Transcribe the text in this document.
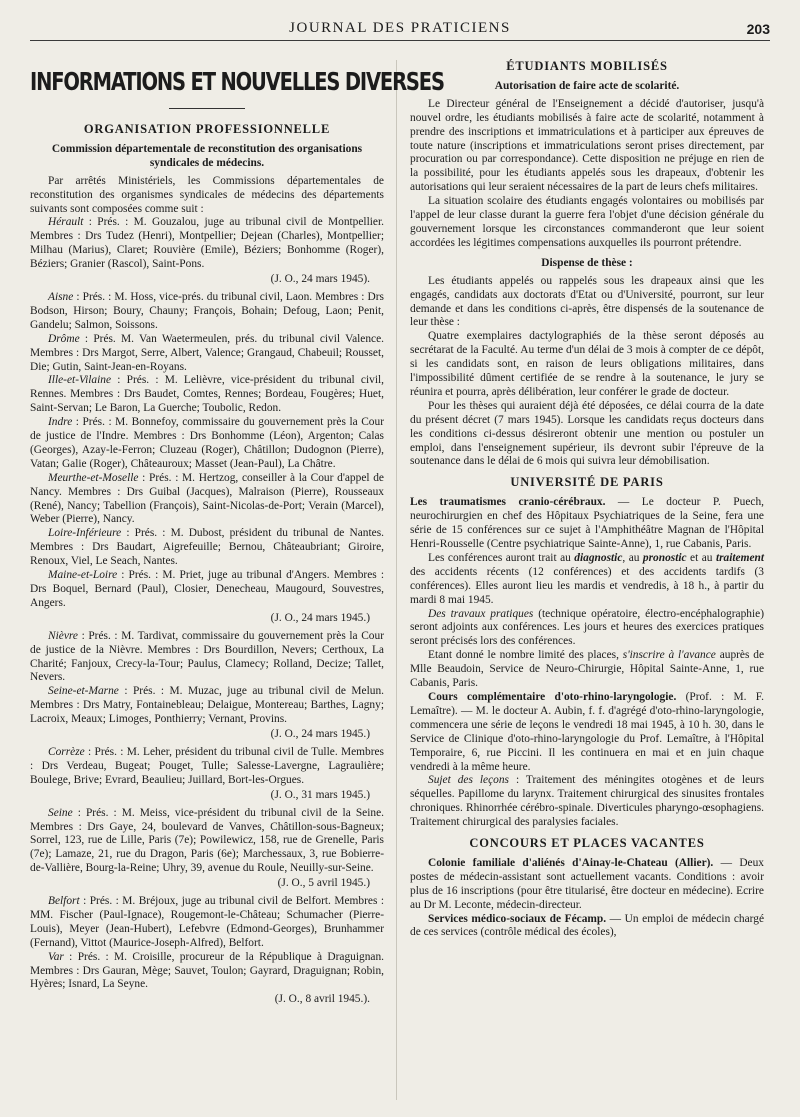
JOURNAL DES PRATICIENS	203
INFORMATIONS ET NOUVELLES DIVERSES
ORGANISATION PROFESSIONNELLE
Commission départementale de reconstitution des organisations syndicales de médecins.

Par arrêtés Ministériels, les Commissions départementales de reconstitution des organismes syndicales de médecins des départements suivants sont composées comme suit :

Hérault : Prés. : M. Gouzalou, juge au tribunal civil de Montpellier. Membres : Drs Tudez (Henri), Montpellier; Dejean (Charles), Montpellier; Milhau (Marius), Claret; Rouvière (Emile), Béziers; Bonhomme (Roger), Béziers; Granier (Rascol), Saint-Pons.

(J. O., 24 mars 1945).

Aisne : Prés. : M. Hoss, vice-prés. du tribunal civil, Laon. Membres : Drs Bodson, Hirson; Boury, Chauny; François, Bohain; Defoug, Laon; Penit, Gandelu; Salmon, Soissons.

Drôme : Prés. M. Van Waetermeulen, prés. du tribunal civil Valence. Membres : Drs Margot, Serre, Albert, Valence; Grangaud, Chabeuil; Rousset, Die; Gutin, Saint-Jean-en-Royans.

Ille-et-Vilaine : Prés. : M. Lelièvre, vice-président du tribunal civil, Rennes. Membres : Drs Baudet, Comtes, Rennes; Bordeau, Fougères; Huet, Saint-Servan; Le Baron, La Guerche; Toubolic, Redon.

Indre : Prés. : M. Bonnefoy, commissaire du gouvernement près la Cour de justice de l'Indre. Membres : Drs Bonhomme (Léon), Argenton; Calas (Georges), Azay-le-Ferron; Cluzeau (Roger), Châtillon; Dudognon (Pierre), Vatan; Galie (Roger), Châteauroux; Masset (Jean-Paul), La Châtre.

Meurthe-et-Moselle : Prés. : M. Hertzog, conseiller à la Cour d'appel de Nancy. Membres : Drs Guibal (Jacques), Malraison (Pierre), Rousseaux (René), Nancy; Tabellion (François), Saint-Nicolas-de-Port; Verain (Marcel), Weber (Pierre), Nancy.

Loire-Inférieure : Prés. : M. Dubost, président du tribunal de Nantes. Membres : Drs Baudart, Aigrefeuille; Bernou, Châteaubriant; Giroire, Renoux, Viel, Le Seach, Nantes.

Maine-et-Loire : Prés. : M. Priet, juge au tribunal d'Angers. Membres : Drs Boquel, Bernard (Paul), Closier, Denecheau, Maugourd, Souvestres, Angers.

(J. O., 24 mars 1945.)

Nièvre : Prés. : M. Tardivat, commissaire du gouvernement près la Cour de justice de la Nièvre. Membres : Drs Bourdillon, Nevers; Certhoux, La Charité; Fanjoux, Crecy-la-Tour; Paulus, Clamecy; Rolland, Decize; Tallet, Nevers.

Seine-et-Marne : Prés. : M. Muzac, juge au tribunal civil de Melun. Membres : Drs Matry, Fontainebleau; Delaigue, Montereau; Barthes, Lagny; Lacroix, Meaux; Limoges, Ponthierry; Vernant, Provins.

(J. O., 24 mars 1945.)

Corrèze : Prés. : M. Leher, président du tribunal civil de Tulle. Membres : Drs Verdeau, Bugeat; Pouget, Tulle; Salesse-Lavergne, Lagraulière; Boulege, Brive; Evrard, Beaulieu; Juillard, Bort-les-Orgues.

(J. O., 31 mars 1945.)

Seine : Prés. : M. Meiss, vice-président du tribunal civil de la Seine. Membres : Drs Gaye, 24, boulevard de Vanves, Châtillon-sous-Bagneux; Sorrel, 123, rue de Lille, Paris (7e); Powilewicz, 158, rue de Grenelle, Paris (7e); Lamaze, 21, rue du Dragon, Paris (6e); Marchessaux, 3, rue Bobierre-de-Vallière, Bourg-la-Reine; Uhry, 39, avenue du Roule, Neuilly-sur-Seine.

(J. O., 5 avril 1945.)

Belfort : Prés. : M. Bréjoux, juge au tribunal civil de Belfort. Membres : MM. Fischer (Paul-Ignace), Rougemont-le-Château; Schumacher (Pierre-Louis), Meyer (Jean-Hubert), Lefebvre (Edmond-Georges), Brunhammer (Fernand), Vittot (Maurice-Joseph-Alfred), Belfort.

Var : Prés. : M. Croisille, procureur de la République à Draguignan. Membres : Drs Gauran, Mège; Sauvet, Toulon; Gayrard, Draguignan; Robin, Hyères; Isnard, La Seyne.

(J. O., 8 avril 1945.).
ÉTUDIANTS MOBILISÉS
Autorisation de faire acte de scolarité.

Le Directeur général de l'Enseignement a décidé d'autoriser, jusqu'à nouvel ordre, les étudiants mobilisés à faire acte de scolarité, notamment à prendre des inscriptions et immatriculations et à participer aux épreuves de toute nature (inscriptions et immatriculations seront prises directement, par procuration ou par correspondance). Cette disposition ne préjuge en rien de la possibilité, pour les étudiants appelés sous les drapeaux, d'obtenir les autorisations qui leur seraient nécessaires de la part de leurs chefs militaires.

La situation scolaire des étudiants engagés volontaires ou mobilisés par l'appel de leur classe durant la guerre fera l'objet d'une décision générale du gouvernement lorsque les circonstances commanderont que leur soient accordées les légitimes compensations auxquelles ils pourront prétendre.

Dispense de thèse :

Les étudiants appelés ou rappelés sous les drapeaux ainsi que les engagés, candidats aux doctorats d'Etat ou d'Université, pourront, sur leur demande et dans les conditions ci-après, être dispensés de la soutenance de leur thèse :

Quatre exemplaires dactylographiés de la thèse seront déposés au secrétarat de la Faculté. Au terme d'un délai de 3 mois à compter de ce dépôt, si les candidats sont, en raison de leurs obligations militaires, dans l'impossibilité dûment certifiée de se rendre à la soutenance, le jury se réunira et pourra, après délibération, leur conférer le grade de docteur.

Pour les thèses qui auraient déjà été déposées, ce délai courra de la date du présent décret (7 mars 1945). Lorsque les candidats reçus docteurs dans les conditions ci-dessus désireront obtenir une mention ou postuler un emploi, dans l'enseignement supérieur, ils devront subir l'épreuve de la soutenance dans le délai de 6 mois qui suivra leur démobilisation.

UNIVERSITÉ DE PARIS

Les traumatismes cranio-cérébraux. — Le docteur P. Puech, neurochirurgien en chef des Hôpitaux Psychiatriques de la Seine, fera une série de 15 conférences sur ce sujet à l'Amphithéâtre Magnan de l'Hôpital Henri-Rousselle (Centre psychiatrique Sainte-Anne), 1, rue Cabanis, Paris.

Les conférences auront trait au diagnostic, au pronostic et au traitement des accidents récents (12 conférences) et des accidents tardifs (3 conférences). Elles auront lieu les mardis et vendredis, à 18 h., à partir du mardi 8 mai 1945.

Des travaux pratiques (technique opératoire, électro-encéphalographie) seront adjoints aux conférences. Les jours et heures des exercices pratiques seront précisés lors des conférences.

Etant donné le nombre limité des places, s'inscrire à l'avance auprès de Mlle Beaudoin, Service de Neuro-Chirurgie, Hôpital Sainte-Anne, 1, rue Cabanis, Paris.

Cours complémentaire d'oto-rhino-laryngologie. (Prof. : M. F. Lemaître). — M. le docteur A. Aubin, f. f. d'agrégé d'oto-rhino-laryngologie, commencera une série de leçons le vendredi 18 mai 1945, à 10 h. 30, dans le Service de Clinique d'oto-rhino-laryngologie du Prof. Lemaître, à l'Hôpital Temporaire, 6, rue Piccini. Il les continuera en mai et en juin chaque vendredi à la même heure.

Sujet des leçons : Traitement des méningites otogènes et de leurs séquelles. Papillome du larynx. Traitement chirurgical des sinusites frontales chroniques. Rhinorrhée cérébro-spinale. Diverticules pharyngo-œsophagiens. Traitement chirurgical des paralysies faciales.

CONCOURS ET PLACES VACANTES

Colonie familiale d'aliénés d'Ainay-le-Chateau (Allier). — Deux postes de médecin-assistant sont actuellement vacants. Conditions : avoir plus de 16 inscriptions (pour être titularisé, être docteur en médecine). Ecrire au Dr M. Leconte, médecin-directeur.

Services médico-sociaux de Fécamp. — Un emploi de médecin chargé de ces services (contrôle médical des écoles),
